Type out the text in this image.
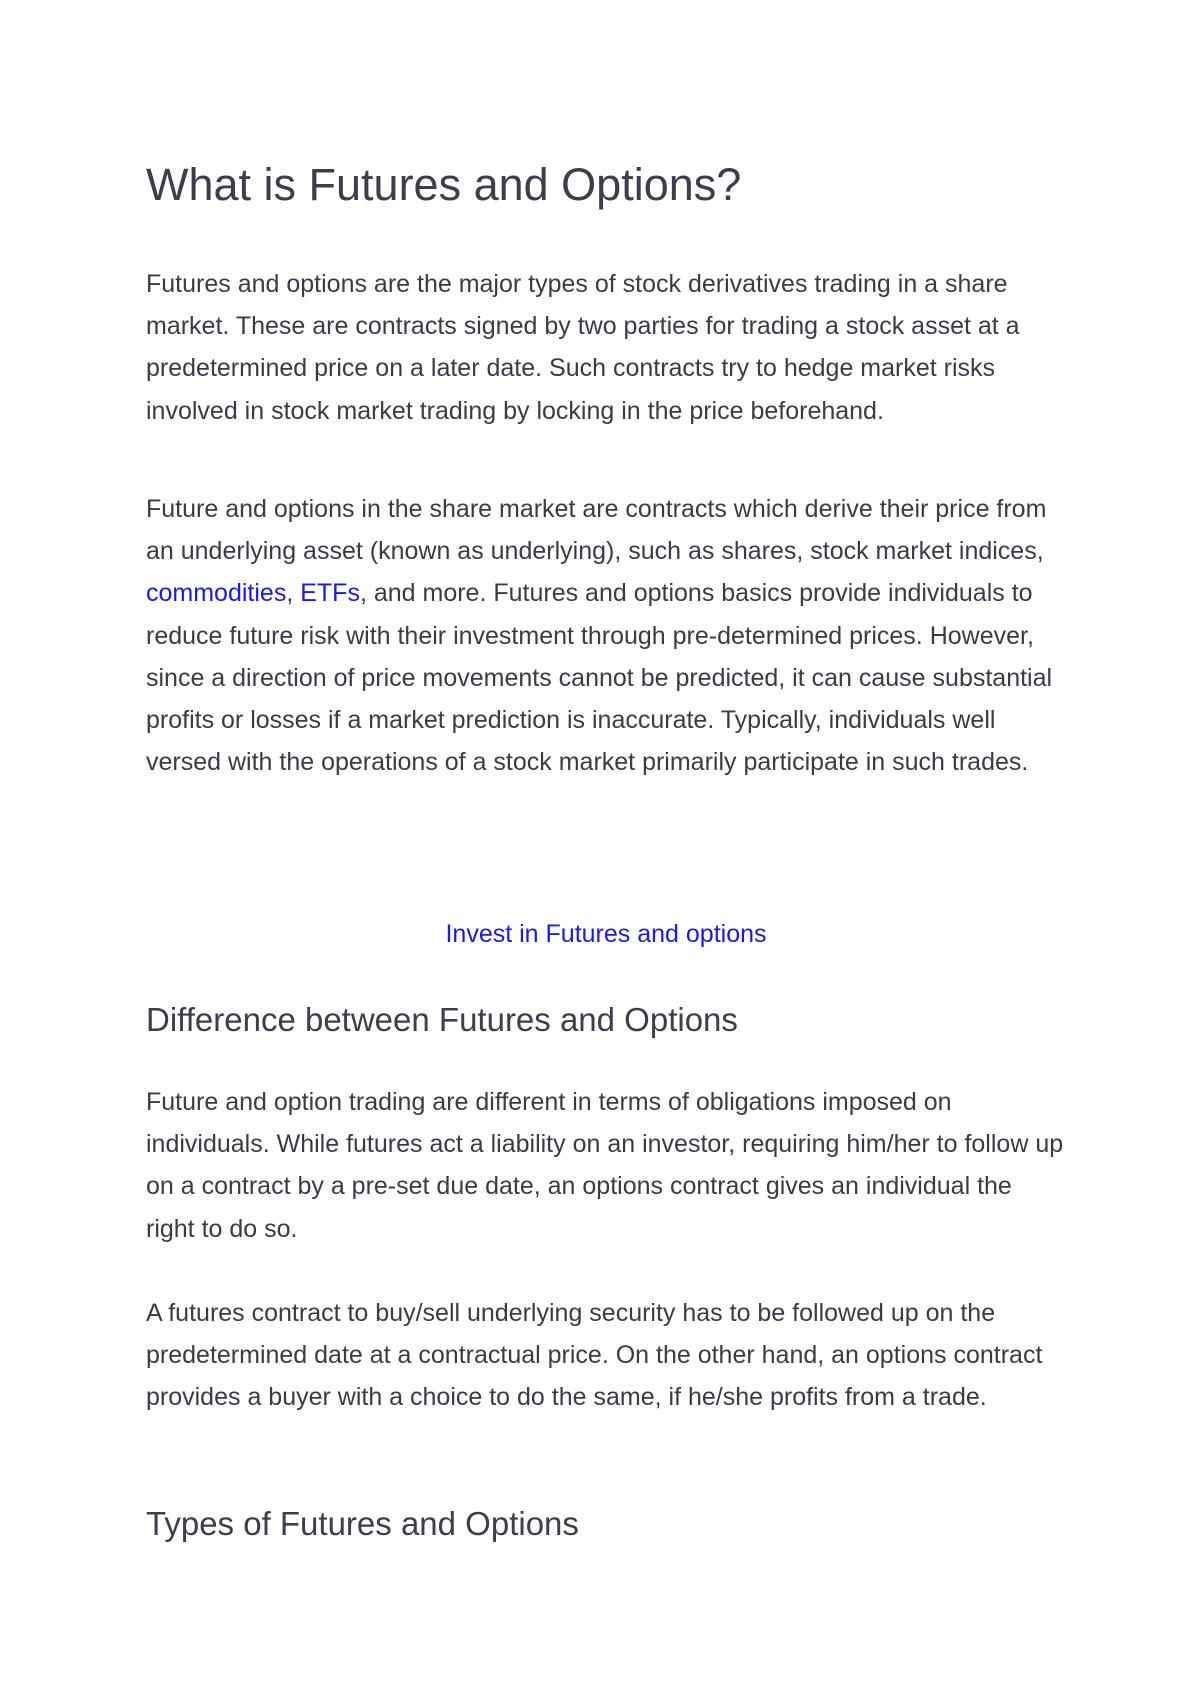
What is Futures and Options?

Futures and options are the major types of stock derivatives trading in a share market. These are contracts signed by two parties for trading a stock asset at a predetermined price on a later date. Such contracts try to hedge market risks involved in stock market trading by locking in the price beforehand.

Future and options in the share market are contracts which derive their price from an underlying asset (known as underlying), such as shares, stock market indices, commodities, ETFs, and more. Futures and options basics provide individuals to reduce future risk with their investment through pre-determined prices. However, since a direction of price movements cannot be predicted, it can cause substantial profits or losses if a market prediction is inaccurate. Typically, individuals well versed with the operations of a stock market primarily participate in such trades.

Invest in Futures and options
Difference between Futures and Options

Future and option trading are different in terms of obligations imposed on individuals. While futures act a liability on an investor, requiring him/her to follow up on a contract by a pre-set due date, an options contract gives an individual the right to do so.

A futures contract to buy/sell underlying security has to be followed up on the predetermined date at a contractual price. On the other hand, an options contract provides a buyer with a choice to do the same, if he/she profits from a trade.

Types of Futures and Options
